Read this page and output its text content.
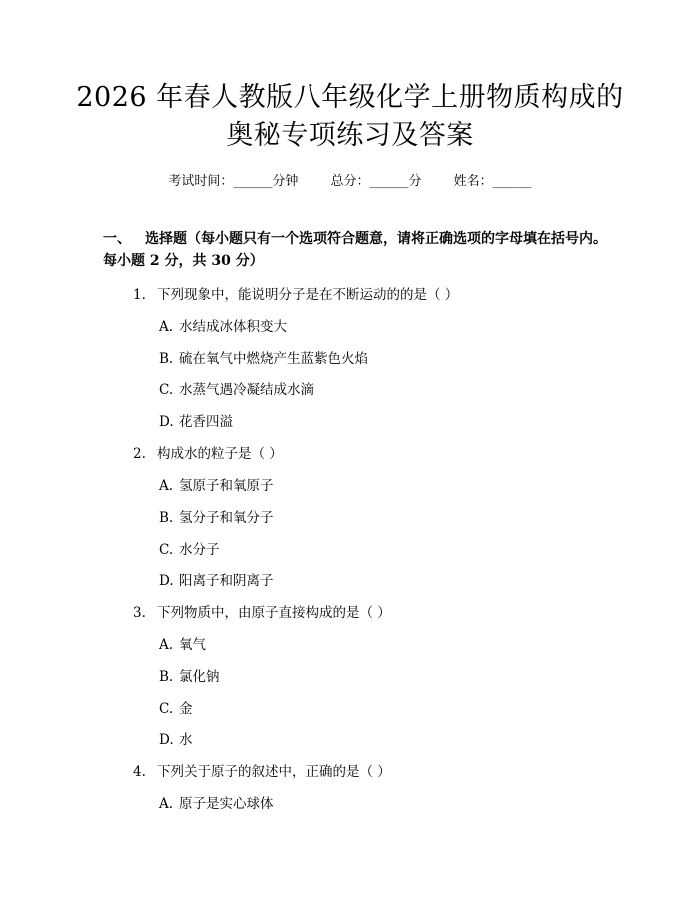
2026 年春人教版八年级化学上册物质构成的
奥秘专项练习及答案
考试时间：______分钟 总分：______分 姓名：______
一、 选择题（每小题只有一个选项符合题意，请将正确选项的字母填在括号内。每小题 2 分，共 30 分）
1. 下列现象中，能说明分子是在不断运动的的是（ ）
A. 水结成冰体积变大
B. 硫在氧气中燃烧产生蓝紫色火焰
C. 水蒸气遇冷凝结成水滴
D. 花香四溢
2. 构成水的粒子是（ ）
A. 氢原子和氧原子
B. 氢分子和氧分子
C. 水分子
D. 阳离子和阴离子
3. 下列物质中，由原子直接构成的是（ ）
A. 氧气
B. 氯化钠
C. 金
D. 水
4. 下列关于原子的叙述中，正确的是（ ）
A. 原子是实心球体
